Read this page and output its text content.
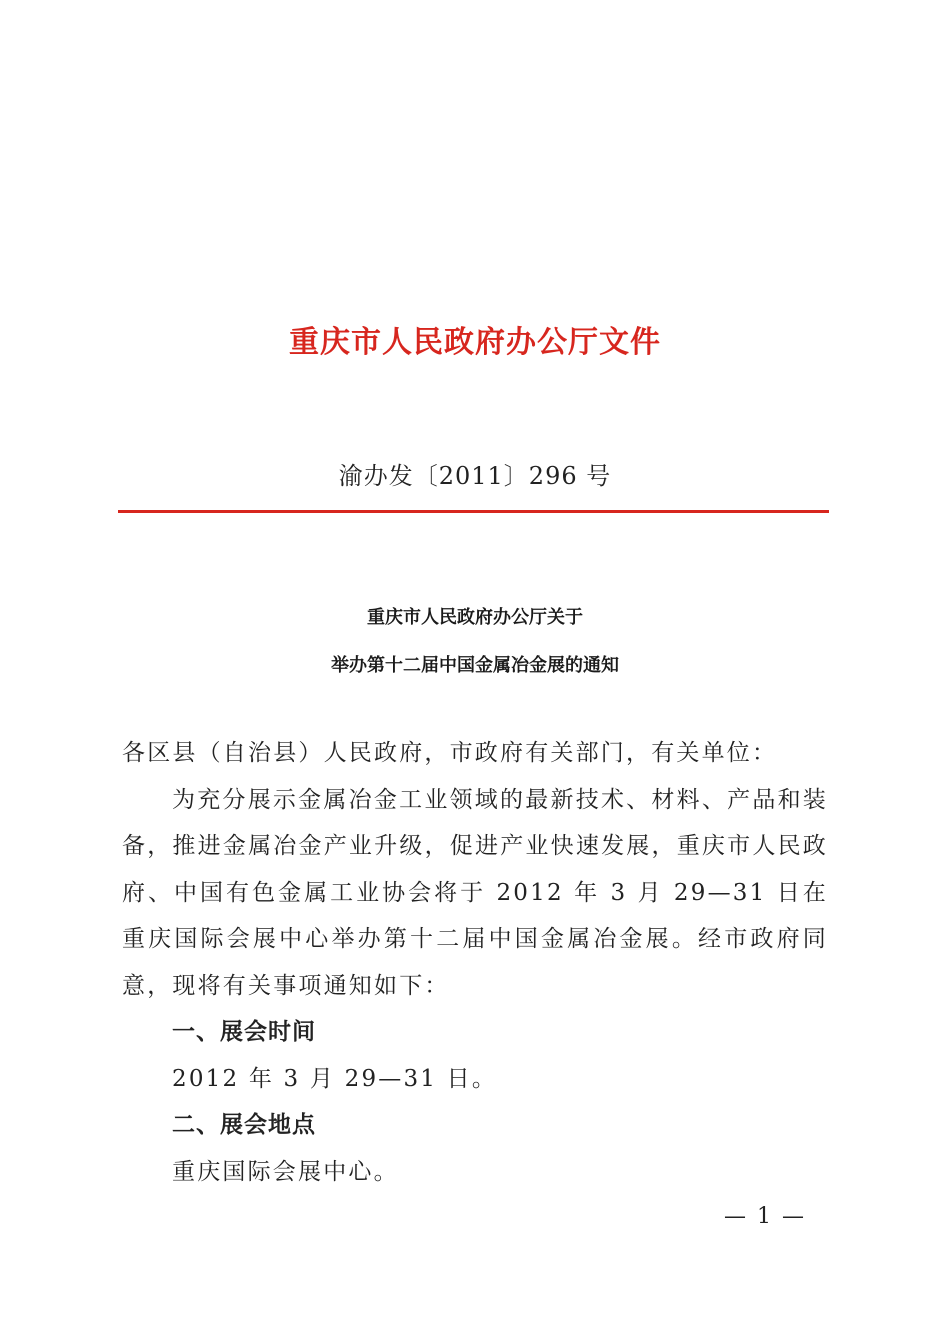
重庆市人民政府办公厅文件
渝办发〔2011〕296 号
重庆市人民政府办公厅关于
举办第十二届中国金属冶金展的通知

各区县（自治县）人民政府，市政府有关部门，有关单位：

为充分展示金属冶金工业领域的最新技术、材料、产品和装备，推进金属冶金产业升级，促进产业快速发展，重庆市人民政府、中国有色金属工业协会将于 2012 年 3 月 29—31 日在重庆国际会展中心举办第十二届中国金属冶金展。经市政府同意，现将有关事项通知如下：

一、展会时间

2012 年 3 月 29—31 日。

二、展会地点

重庆国际会展中心。

— 1 —
